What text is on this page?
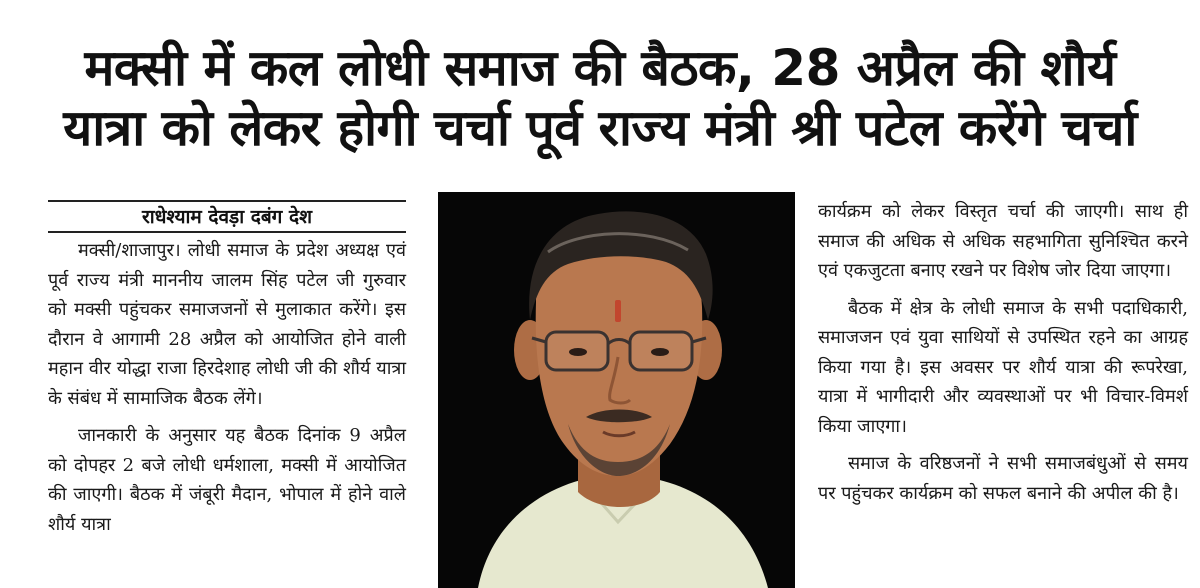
मक्सी में कल लोधी समाज की बैठक, 28 अप्रैल की शौर्य
यात्रा को लेकर होगी चर्चा पूर्व राज्य मंत्री श्री पटेल करेंगे चर्चा
राधेश्याम देवड़ा दबंग देश

मक्सी/शाजापुर। लोधी समाज के प्रदेश अध्यक्ष एवं पूर्व राज्य मंत्री माननीय जालम सिंह पटेल जी गुरुवार को मक्सी पहुंचकर समाजजनों से मुलाकात करेंगे। इस दौरान वे आगामी 28 अप्रैल को आयोजित होने वाली महान वीर योद्धा राजा हिरदेशाह लोधी जी की शौर्य यात्रा के संबंध में सामाजिक बैठक लेंगे।

जानकारी के अनुसार यह बैठक दिनांक 9 अप्रैल को दोपहर 2 बजे लोधी धर्मशाला, मक्सी में आयोजित की जाएगी। बैठक में जंबूरी मैदान, भोपाल में होने वाले शौर्य यात्रा

कार्यक्रम को लेकर विस्तृत चर्चा की जाएगी। साथ ही समाज की अधिक से अधिक सहभागिता सुनिश्चित करने एवं एकजुटता बनाए रखने पर विशेष जोर दिया जाएगा।

बैठक में क्षेत्र के लोधी समाज के सभी पदाधिकारी, समाजजन एवं युवा साथियों से उपस्थित रहने का आग्रह किया गया है। इस अवसर पर शौर्य यात्रा की रूपरेखा, यात्रा में भागीदारी और व्यवस्थाओं पर भी विचार-विमर्श किया जाएगा।

समाज के वरिष्ठजनों ने सभी समाजबंधुओं से समय पर पहुंचकर कार्यक्रम को सफल बनाने की अपील की है।
